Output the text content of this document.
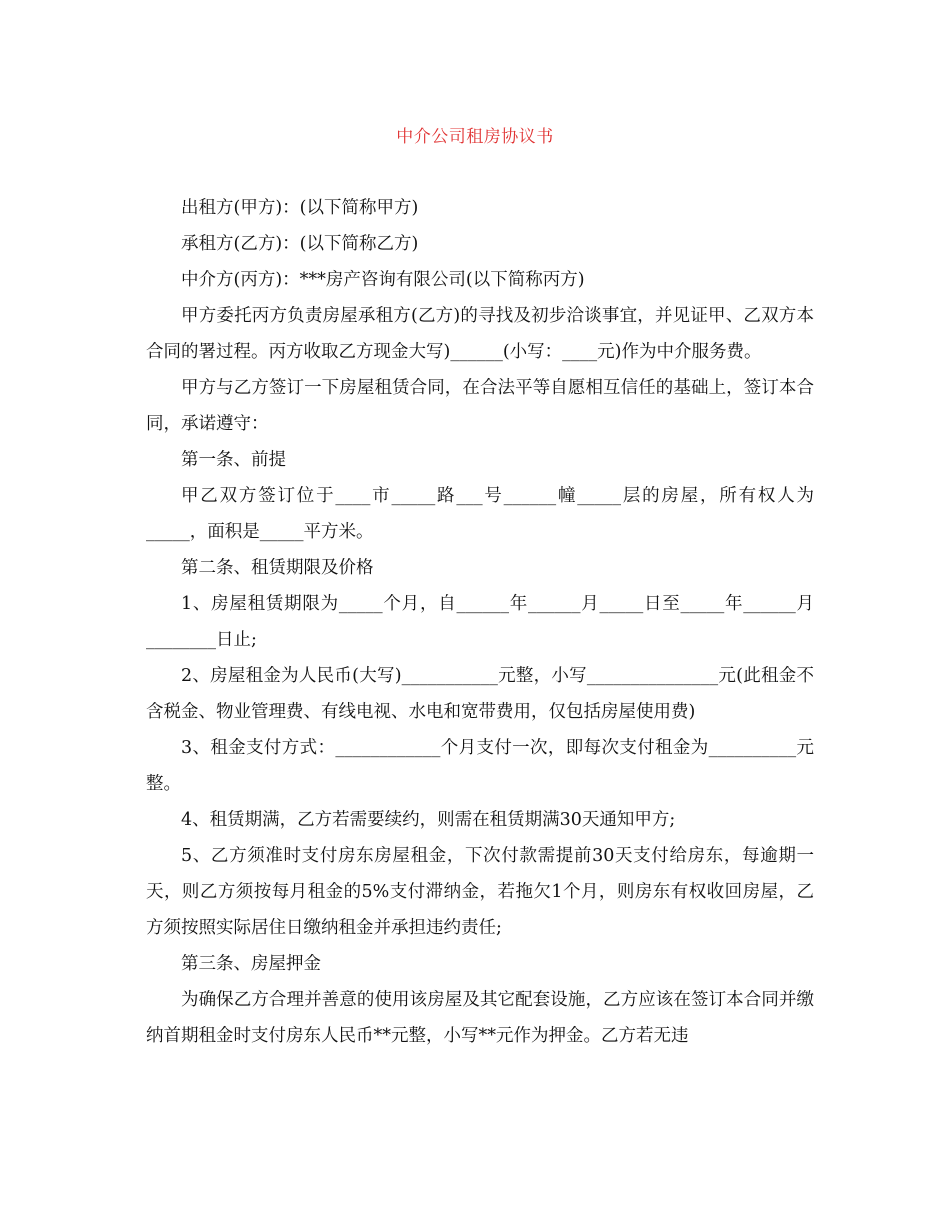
中介公司租房协议书

出租方(甲方)：(以下简称甲方)

承租方(乙方)：(以下简称乙方)

中介方(丙方)：***房产咨询有限公司(以下简称丙方)

甲方委托丙方负责房屋承租方(乙方)的寻找及初步洽谈事宜，并见证甲、乙双方本合同的署过程。丙方收取乙方现金大写)______(小写：____元)作为中介服务费。

甲方与乙方签订一下房屋租赁合同，在合法平等自愿相互信任的基础上，签订本合同，承诺遵守：

第一条、前提

甲乙双方签订位于____市_____路___号______幢_____层的房屋，所有权人为_____，面积是_____平方米。

第二条、租赁期限及价格

1、房屋租赁期限为_____个月，自______年______月_____日至_____年______月________日止;

2、房屋租金为人民币(大写)___________元整，小写_______________元(此租金不含税金、物业管理费、有线电视、水电和宽带费用，仅包括房屋使用费)

3、租金支付方式：____________个月支付一次，即每次支付租金为__________元整。

4、租赁期满，乙方若需要续约，则需在租赁期满30天通知甲方;

5、乙方须准时支付房东房屋租金，下次付款需提前30天支付给房东，每逾期一天，则乙方须按每月租金的5%支付滞纳金，若拖欠1个月，则房东有权收回房屋，乙方须按照实际居住日缴纳租金并承担违约责任;

第三条、房屋押金

为确保乙方合理并善意的使用该房屋及其它配套设施，乙方应该在签订本合同并缴纳首期租金时支付房东人民币**元整，小写**元作为押金。乙方若无违
